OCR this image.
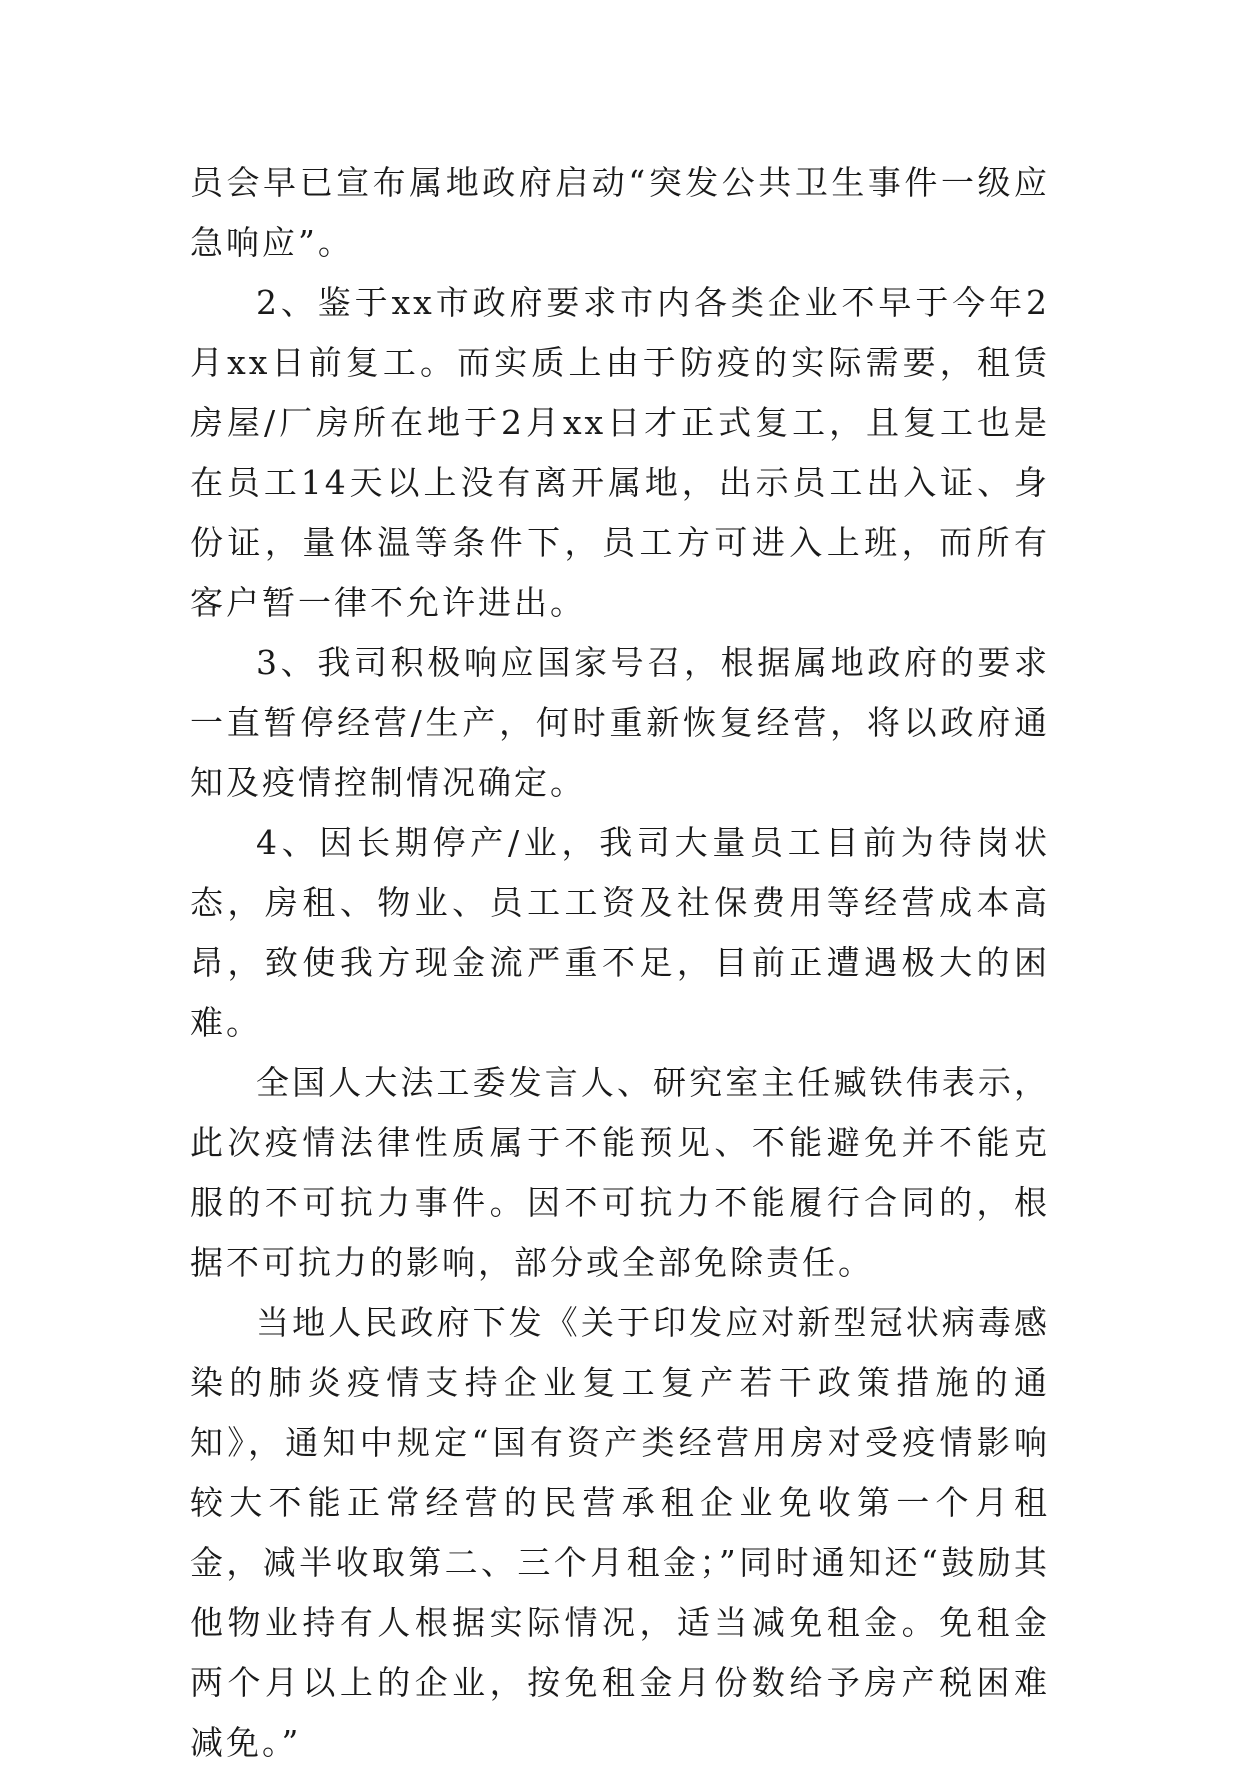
员会早已宣布属地政府启动“突发公共卫生事件一级应急响应”。

2、鉴于xx市政府要求市内各类企业不早于今年2月xx日前复工。而实质上由于防疫的实际需要，租赁房屋/厂房所在地于2月xx日才正式复工，且复工也是在员工14天以上没有离开属地，出示员工出入证、身份证，量体温等条件下，员工方可进入上班，而所有客户暂一律不允许进出。

3、我司积极响应国家号召，根据属地政府的要求一直暂停经营/生产，何时重新恢复经营，将以政府通知及疫情控制情况确定。

4、因长期停产/业，我司大量员工目前为待岗状态，房租、物业、员工工资及社保费用等经营成本高昂，致使我方现金流严重不足，目前正遭遇极大的困难。

全国人大法工委发言人、研究室主任臧铁伟表示，此次疫情法律性质属于不能预见、不能避免并不能克服的不可抗力事件。因不可抗力不能履行合同的，根据不可抗力的影响，部分或全部免除责任。

当地人民政府下发《关于印发应对新型冠状病毒感染的肺炎疫情支持企业复工复产若干政策措施的通知》，通知中规定“国有资产类经营用房对受疫情影响较大不能正常经营的民营承租企业免收第一个月租金，减半收取第二、三个月租金；”同时通知还“鼓励其他物业持有人根据实际情况，适当减免租金。免租金两个月以上的企业，按免租金月份数给予房产税困难减免。”
